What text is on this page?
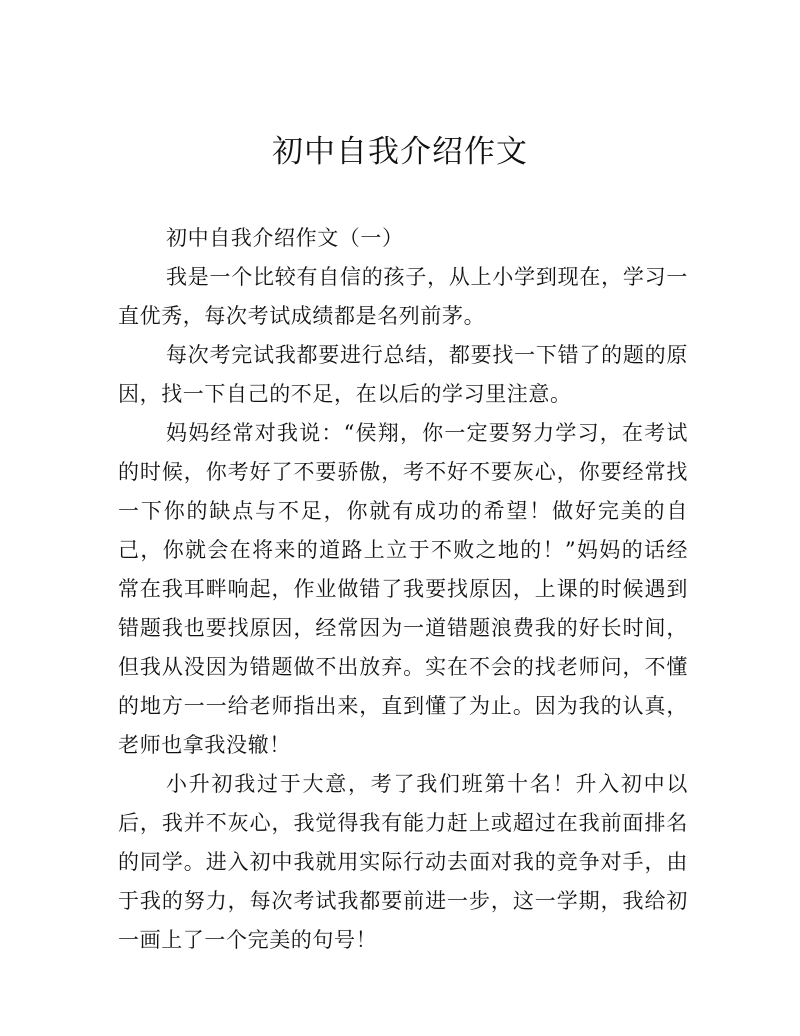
初中自我介绍作文

初中自我介绍作文（一）

我是一个比较有自信的孩子，从上小学到现在，学习一直优秀，每次考试成绩都是名列前茅。

每次考完试我都要进行总结，都要找一下错了的题的原因，找一下自己的不足，在以后的学习里注意。

妈妈经常对我说：“侯翔，你一定要努力学习，在考试的时候，你考好了不要骄傲，考不好不要灰心，你要经常找一下你的缺点与不足，你就有成功的希望！做好完美的自己，你就会在将来的道路上立于不败之地的！”妈妈的话经常在我耳畔响起，作业做错了我要找原因，上课的时候遇到错题我也要找原因，经常因为一道错题浪费我的好长时间，但我从没因为错题做不出放弃。实在不会的找老师问，不懂的地方一一给老师指出来，直到懂了为止。因为我的认真，老师也拿我没辙！

小升初我过于大意，考了我们班第十名！升入初中以后，我并不灰心，我觉得我有能力赶上或超过在我前面排名的同学。进入初中我就用实际行动去面对我的竞争对手，由于我的努力，每次考试我都要前进一步，这一学期，我给初一画上了一个完美的句号！
